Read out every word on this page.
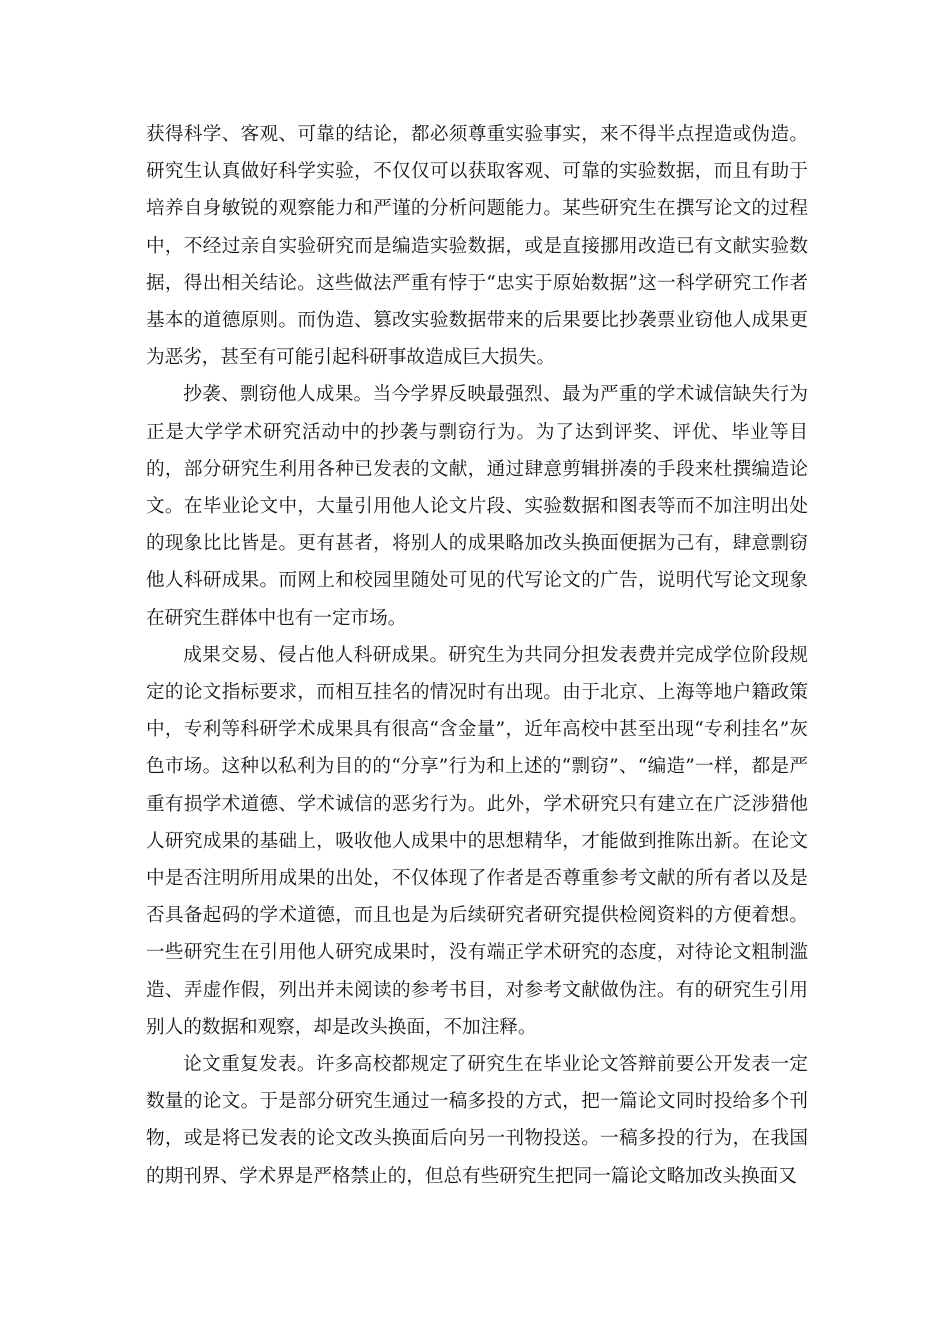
获得科学、客观、可靠的结论，都必须尊重实验事实，来不得半点捏造或伪造。研究生认真做好科学实验，不仅仅可以获取客观、可靠的实验数据，而且有助于培养自身敏锐的观察能力和严谨的分析问题能力。某些研究生在撰写论文的过程中，不经过亲自实验研究而是编造实验数据，或是直接挪用改造已有文献实验数据，得出相关结论。这些做法严重有悖于“忠实于原始数据”这一科学研究工作者基本的道德原则。而伪造、篡改实验数据带来的后果要比抄袭票业窃他人成果更为恶劣，甚至有可能引起科研事故造成巨大损失。

抄袭、剽窃他人成果。当今学界反映最强烈、最为严重的学术诚信缺失行为正是大学学术研究活动中的抄袭与剽窃行为。为了达到评奖、评优、毕业等目的，部分研究生利用各种已发表的文献，通过肆意剪辑拼凑的手段来杜撰编造论文。在毕业论文中，大量引用他人论文片段、实验数据和图表等而不加注明出处的现象比比皆是。更有甚者，将别人的成果略加改头换面便据为己有，肆意剽窃他人科研成果。而网上和校园里随处可见的代写论文的广告，说明代写论文现象在研究生群体中也有一定市场。

成果交易、侵占他人科研成果。研究生为共同分担发表费并完成学位阶段规定的论文指标要求，而相互挂名的情况时有出现。由于北京、上海等地户籍政策中，专利等科研学术成果具有很高“含金量”，近年高校中甚至出现“专利挂名”灰色市场。这种以私利为目的的“分享”行为和上述的“剽窃”、“编造”一样，都是严重有损学术道德、学术诚信的恶劣行为。此外，学术研究只有建立在广泛涉猎他人研究成果的基础上，吸收他人成果中的思想精华，才能做到推陈出新。在论文中是否注明所用成果的出处，不仅体现了作者是否尊重参考文献的所有者以及是否具备起码的学术道德，而且也是为后续研究者研究提供检阅资料的方便着想。一些研究生在引用他人研究成果时，没有端正学术研究的态度，对待论文粗制滥造、弄虚作假，列出并未阅读的参考书目，对参考文献做伪注。有的研究生引用别人的数据和观察，却是改头换面，不加注释。

论文重复发表。许多高校都规定了研究生在毕业论文答辩前要公开发表一定数量的论文。于是部分研究生通过一稿多投的方式，把一篇论文同时投给多个刊物，或是将已发表的论文改头换面后向另一刊物投送。一稿多投的行为，在我国的期刊界、学术界是严格禁止的，但总有些研究生把同一篇论文略加改头换面又
